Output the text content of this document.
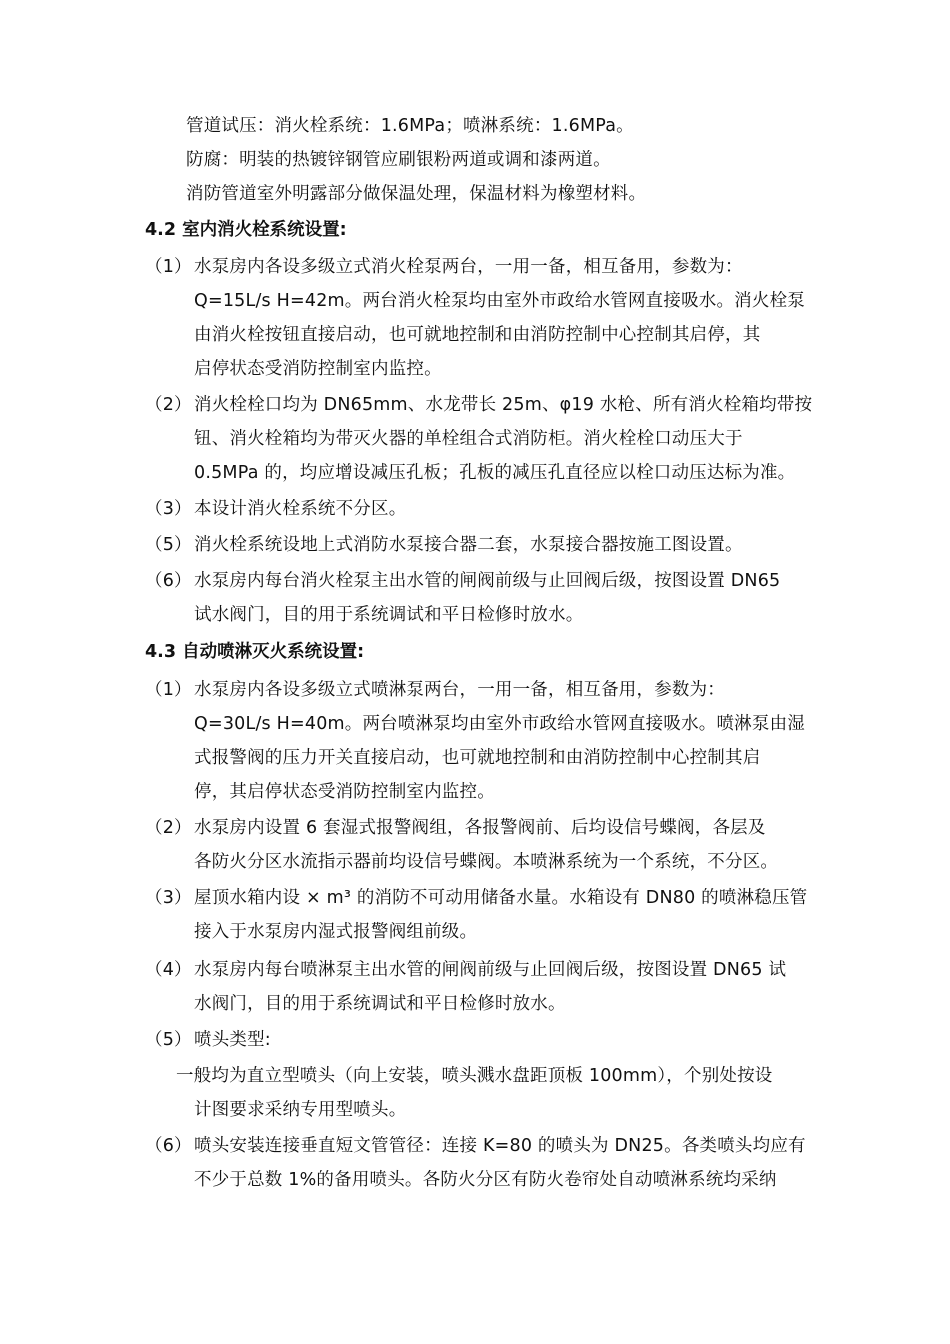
管道试压：消火栓系统：1.6MPa；喷淋系统：1.6MPa。
防腐：明装的热镀锌钢管应刷银粉两道或调和漆两道。
消防管道室外明露部分做保温处理，保温材料为橡塑材料。
4.2 室内消火栓系统设置:
（1） 水泵房内各设多级立式消火栓泵两台，一用一备，相互备用，参数为：
Q=15L/s H=42m。两台消火栓泵均由室外市政给水管网直接吸水。消火栓泵
由消火栓按钮直接启动，也可就地控制和由消防控制中心控制其启停，其
启停状态受消防控制室内监控。
（2） 消火栓栓口均为 DN65mm、水龙带长 25m、φ19 水枪、所有消火栓箱均带按
钮、消火栓箱均为带灭火器的单栓组合式消防柜。消火栓栓口动压大于
0.5MPa 的，均应增设减压孔板；孔板的减压孔直径应以栓口动压达标为准。
（3） 本设计消火栓系统不分区。
（5） 消火栓系统设地上式消防水泵接合器二套，水泵接合器按施工图设置。
（6） 水泵房内每台消火栓泵主出水管的闸阀前级与止回阀后级，按图设置 DN65
试水阀门，目的用于系统调试和平日检修时放水。
4.3 自动喷淋灭火系统设置:
（1） 水泵房内各设多级立式喷淋泵两台，一用一备，相互备用，参数为：
Q=30L/s H=40m。两台喷淋泵均由室外市政给水管网直接吸水。喷淋泵由湿
式报警阀的压力开关直接启动，也可就地控制和由消防控制中心控制其启
停，其启停状态受消防控制室内监控。
（2） 水泵房内设置 6 套湿式报警阀组，各报警阀前、后均设信号蝶阀，各层及
各防火分区水流指示器前均设信号蝶阀。本喷淋系统为一个系统，不分区。
（3） 屋顶水箱内设 × m³ 的消防不可动用储备水量。水箱设有 DN80 的喷淋稳压管
接入于水泵房内湿式报警阀组前级。
（4） 水泵房内每台喷淋泵主出水管的闸阀前级与止回阀后级，按图设置 DN65 试
水阀门，目的用于系统调试和平日检修时放水。
（5） 喷头类型:
一般均为直立型喷头（向上安装，喷头溅水盘距顶板 100mm），个别处按设
计图要求采纳专用型喷头。
（6） 喷头安装连接垂直短文管管径：连接 K=80 的喷头为 DN25。各类喷头均应有
不少于总数 1%的备用喷头。各防火分区有防火卷帘处自动喷淋系统均采纳
